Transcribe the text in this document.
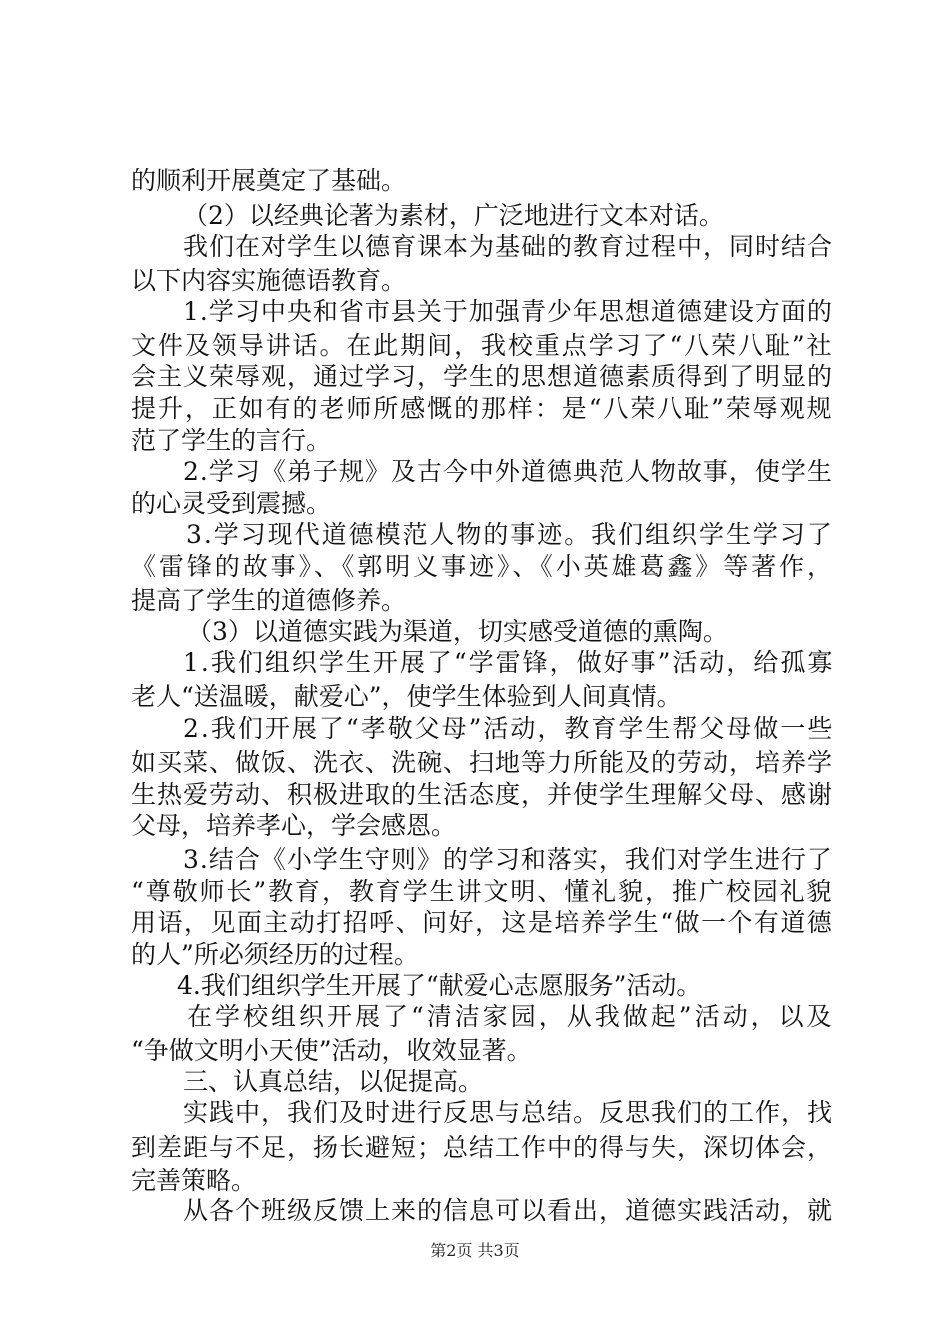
的顺利开展奠定了基础。
（2）以经典论著为素材，广泛地进行文本对话。
我们在对学生以德育课本为基础的教育过程中，同时结合
以下内容实施德语教育。
1.学习中央和省市县关于加强青少年思想道德建设方面的
文件及领导讲话。在此期间，我校重点学习了“八荣八耻”社
会主义荣辱观，通过学习，学生的思想道德素质得到了明显的
提升，正如有的老师所感慨的那样：是“八荣八耻”荣辱观规
范了学生的言行。
2.学习《弟子规》及古今中外道德典范人物故事，使学生
的心灵受到震撼。
3.学习现代道德模范人物的事迹。我们组织学生学习了
《雷锋的故事》、《郭明义事迹》、《小英雄葛鑫》等著作，
提高了学生的道德修养。
（3）以道德实践为渠道，切实感受道德的熏陶。
1.我们组织学生开展了“学雷锋，做好事”活动，给孤寡
老人“送温暖，献爱心”，使学生体验到人间真情。
2.我们开展了“孝敬父母”活动，教育学生帮父母做一些
如买菜、做饭、洗衣、洗碗、扫地等力所能及的劳动，培养学
生热爱劳动、积极进取的生活态度，并使学生理解父母、感谢
父母，培养孝心，学会感恩。
3.结合《小学生守则》的学习和落实，我们对学生进行了
“尊敬师长”教育，教育学生讲文明、懂礼貌，推广校园礼貌
用语，见面主动打招呼、问好，这是培养学生“做一个有道德
的人”所必须经历的过程。
4.我们组织学生开展了“献爱心志愿服务”活动。
在学校组织开展了“清洁家园，从我做起”活动，以及
“争做文明小天使”活动，收效显著。
三、认真总结，以促提高。
实践中，我们及时进行反思与总结。反思我们的工作，找
到差距与不足，扬长避短；总结工作中的得与失，深切体会，
完善策略。
从各个班级反馈上来的信息可以看出，道德实践活动，就
第2页 共3页
